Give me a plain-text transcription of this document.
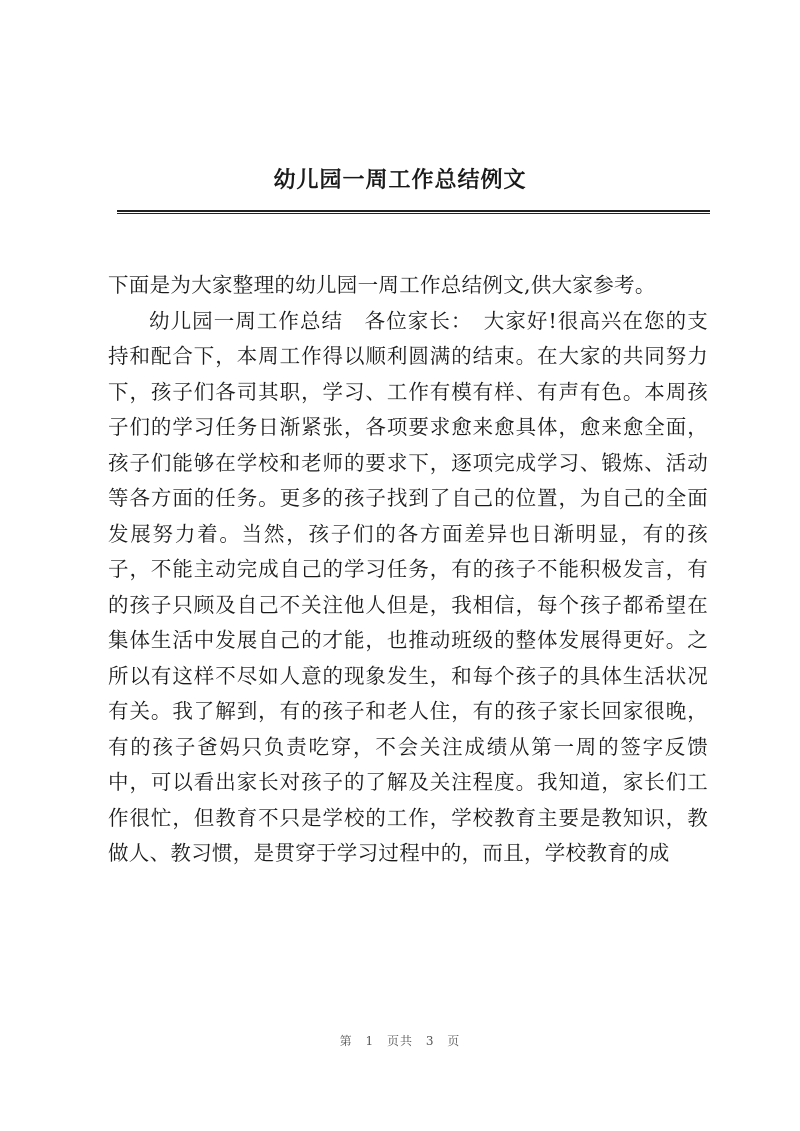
幼儿园一周工作总结例文

下面是为大家整理的幼儿园一周工作总结例文,供大家参考。

幼儿园一周工作总结　各位家长：　大家好!很高兴在您的支持和配合下，本周工作得以顺利圆满的结束。在大家的共同努力下，孩子们各司其职，学习、工作有模有样、有声有色。本周孩子们的学习任务日渐紧张，各项要求愈来愈具体，愈来愈全面，孩子们能够在学校和老师的要求下，逐项完成学习、锻炼、活动等各方面的任务。更多的孩子找到了自己的位置，为自己的全面发展努力着。当然，孩子们的各方面差异也日渐明显，有的孩子，不能主动完成自己的学习任务，有的孩子不能积极发言，有的孩子只顾及自己不关注他人但是，我相信，每个孩子都希望在集体生活中发展自己的才能，也推动班级的整体发展得更好。之所以有这样不尽如人意的现象发生，和每个孩子的具体生活状况有关。我了解到，有的孩子和老人住，有的孩子家长回家很晚，有的孩子爸妈只负责吃穿，不会关注成绩从第一周的签字反馈中，可以看出家长对孩子的了解及关注程度。我知道，家长们工作很忙，但教育不只是学校的工作，学校教育主要是教知识，教做人、教习惯，是贯穿于学习过程中的，而且，学校教育的成

第 1 页共 3 页
